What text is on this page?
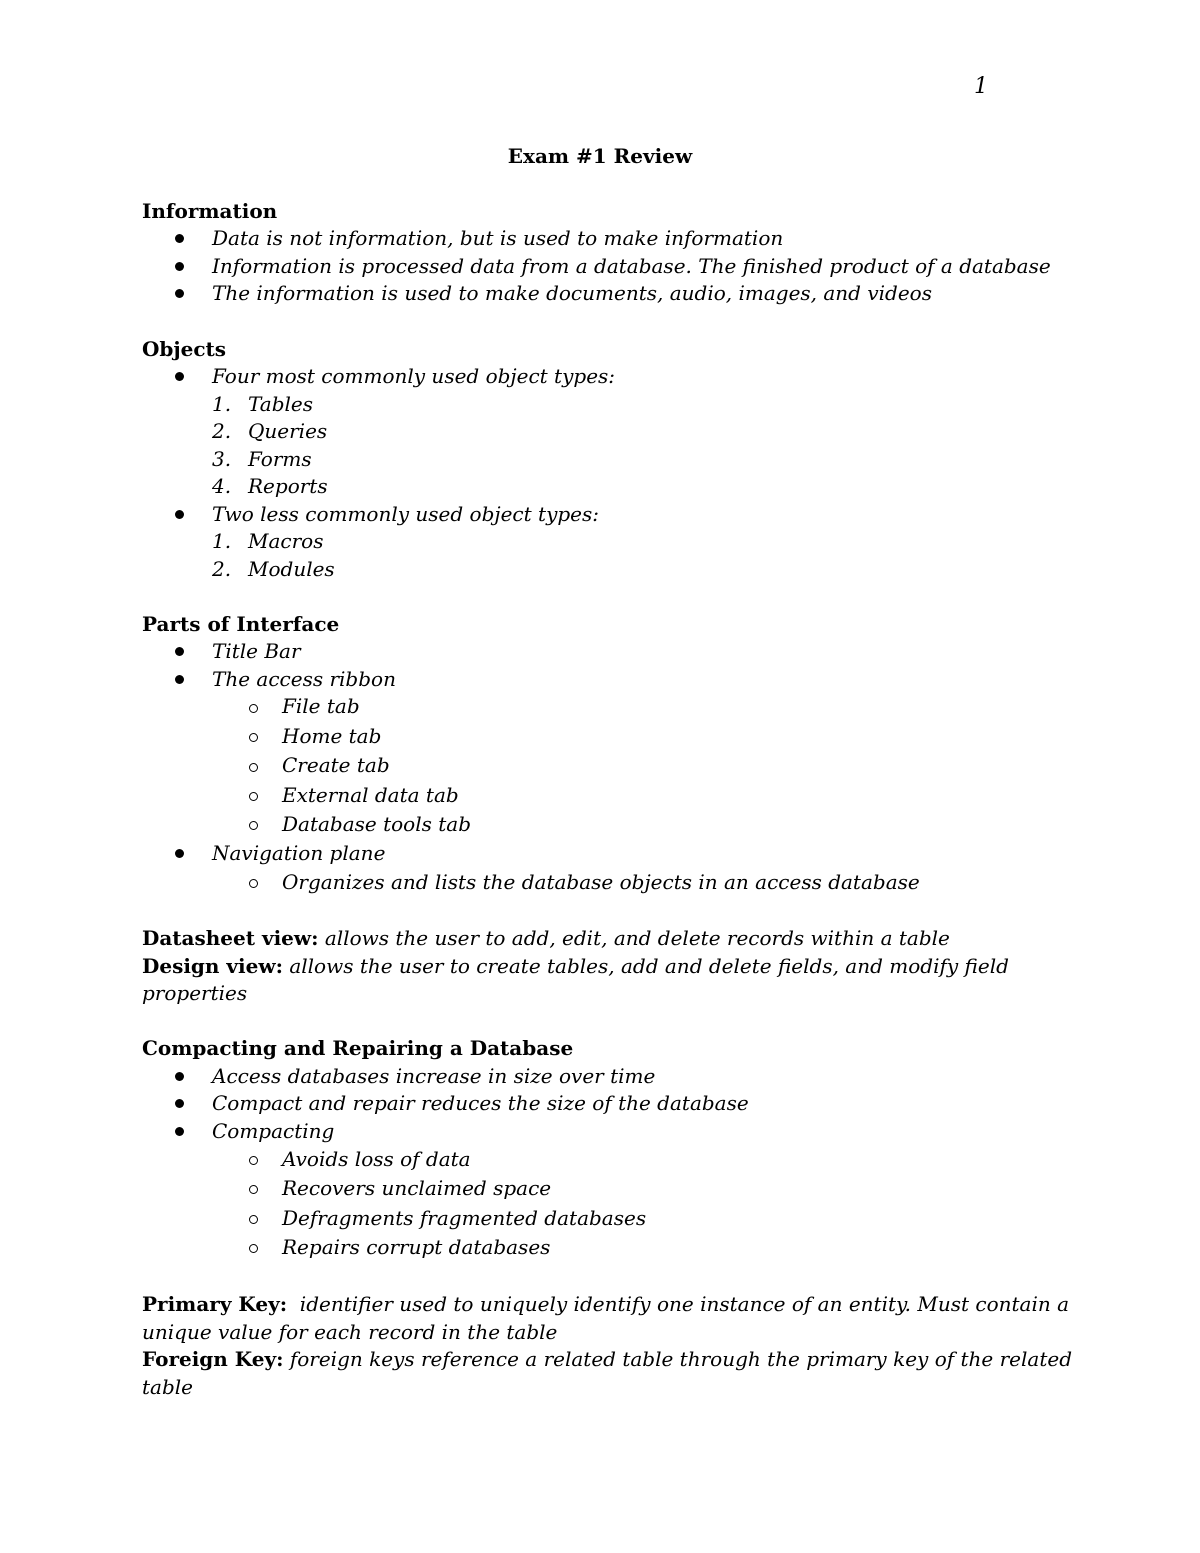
1
Exam #1 Review
Information
Data is not information, but is used to make information
Information is processed data from a database. The finished product of a database
The information is used to make documents, audio, images, and videos
Objects
Four most commonly used object types:
1. Tables
2. Queries
3. Forms
4. Reports
Two less commonly used object types:
1. Macros
2. Modules
Parts of Interface
Title Bar
The access ribbon
File tab
Home tab
Create tab
External data tab
Database tools tab
Navigation plane
Organizes and lists the database objects in an access database
Datasheet view: allows the user to add, edit, and delete records within a table
Design view: allows the user to create tables, add and delete fields, and modify field
properties
Compacting and Repairing a Database
Access databases increase in size over time
Compact and repair reduces the size of the database
Compacting
Avoids loss of data
Recovers unclaimed space
Defragments fragmented databases
Repairs corrupt databases
Primary Key:  identifier used to uniquely identify one instance of an entity. Must contain a
unique value for each record in the table
Foreign Key: foreign keys reference a related table through the primary key of the related
table
